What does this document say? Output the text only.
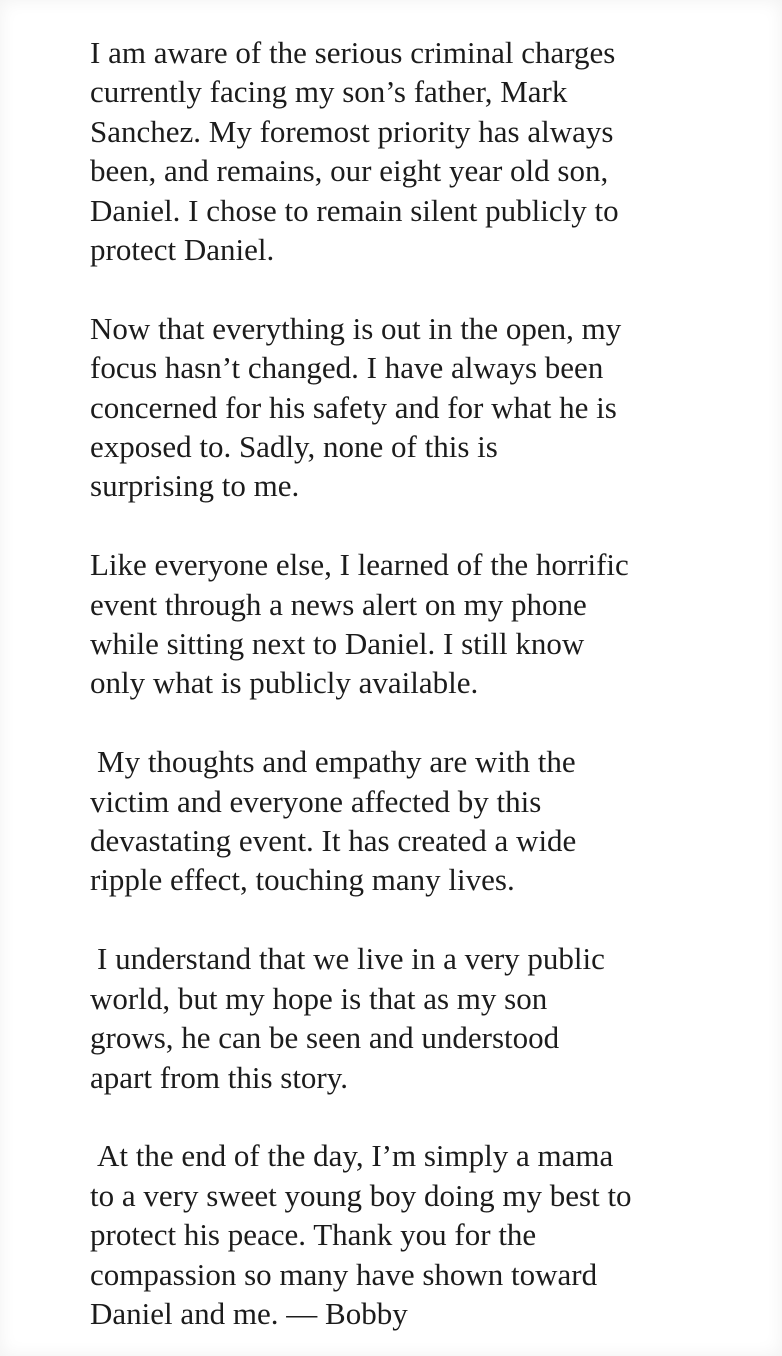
I am aware of the serious criminal charges
currently facing my son’s father, Mark
Sanchez. My foremost priority has always
been, and remains, our eight year old son,
Daniel. I chose to remain silent publicly to
protect Daniel.

Now that everything is out in the open, my
focus hasn’t changed. I have always been
concerned for his safety and for what he is
exposed to. Sadly, none of this is
surprising to me.

Like everyone else, I learned of the horrific
event through a news alert on my phone
while sitting next to Daniel. I still know
only what is publicly available.

My thoughts and empathy are with the
victim and everyone affected by this
devastating event. It has created a wide
ripple effect, touching many lives.

I understand that we live in a very public
world, but my hope is that as my son
grows, he can be seen and understood
apart from this story.

At the end of the day, I’m simply a mama
to a very sweet young boy doing my best to
protect his peace. Thank you for the
compassion so many have shown toward
Daniel and me. — Bobby
